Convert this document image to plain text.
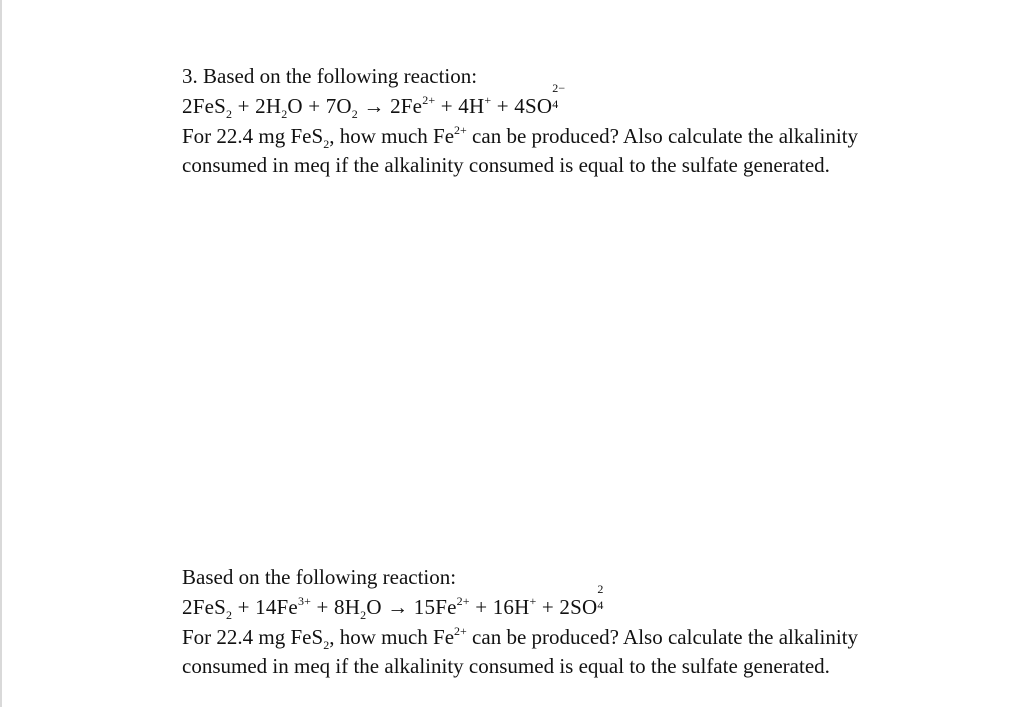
3. Based on the following reaction:
$2FeS_2 + 2H_2O + 7O_2 \to 2Fe^{2+} + 4H^+ + 4SO$
2−
4
For 22.4 mg FeS$_2$, how much $Fe^{2+}$ can be produced? Also calculate the alkalinity
consumed in meq if the alkalinity consumed is equal to the sulfate generated.
Based on the following reaction:
$2FeS_2 + 14Fe^{3+} + 8H_2O \to 15Fe^{2+} + 16H^+ + 2SO$
2
4
For 22.4 mg FeS$_2$, how much $Fe^{2+}$ can be produced? Also calculate the alkalinity
consumed in meq if the alkalinity consumed is equal to the sulfate generated.
